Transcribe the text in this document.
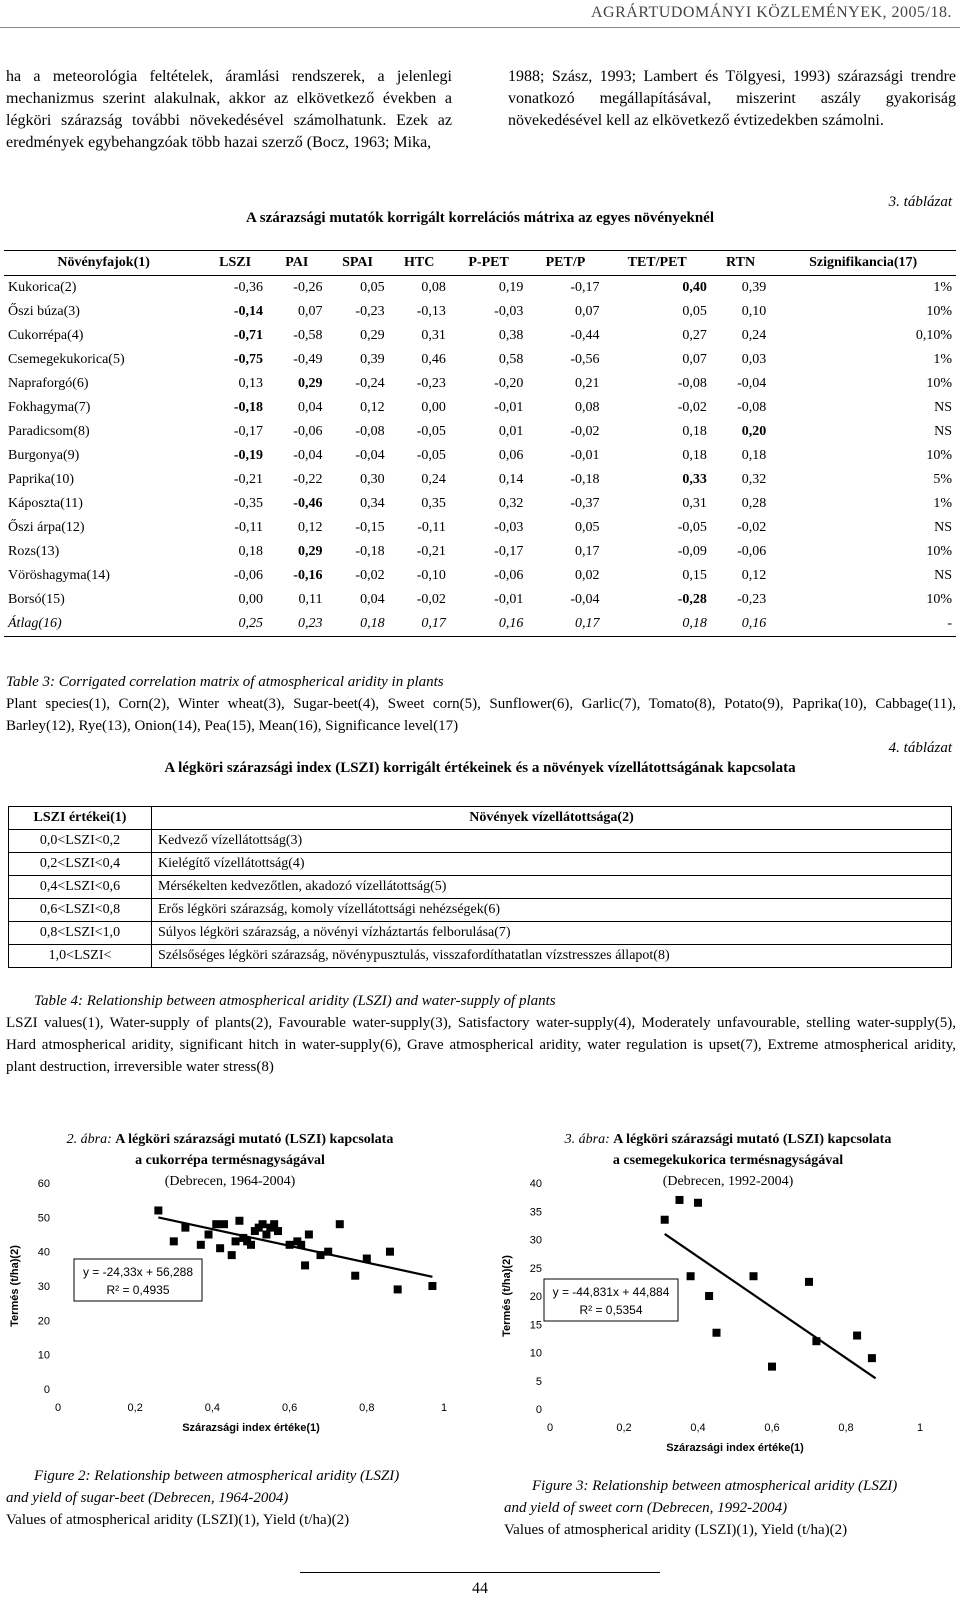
AGRÁRTUDOMÁNYI KÖZLEMÉNYEK, 2005/18.
ha a meteorológia feltételek, áramlási rendszerek, a jelenlegi mechanizmus szerint alakulnak, akkor az elkövetkező években a légköri szárazság további növekedésével számolhatunk. Ezek az eredmények egybehangzóak több hazai szerző (Bocz, 1963; Mika,
1988; Szász, 1993; Lambert és Tölgyesi, 1993) szárazsági trendre vonatkozó megállapításával, miszerint aszály gyakoriság növekedésével kell az elkövetkező évtizedekben számolni.
3. táblázat
A szárazsági mutatók korrigált korrelációs mátrixa az egyes növényeknél
Növényfajok(1)	LSZI	PAI	SPAI	HTC	P-PET	PET/P	TET/PET	RTN	Szignifikancia(17)
Kukorica(2)	-0,36	-0,26	0,05	0,08	0,19	-0,17	0,40	0,39	1%
Őszi búza(3)	-0,14	0,07	-0,23	-0,13	-0,03	0,07	0,05	0,10	10%
Cukorrépa(4)	-0,71	-0,58	0,29	0,31	0,38	-0,44	0,27	0,24	0,10%
Csemegekukorica(5)	-0,75	-0,49	0,39	0,46	0,58	-0,56	0,07	0,03	1%
Napraforgó(6)	0,13	0,29	-0,24	-0,23	-0,20	0,21	-0,08	-0,04	10%
Fokhagyma(7)	-0,18	0,04	0,12	0,00	-0,01	0,08	-0,02	-0,08	NS
Paradicsom(8)	-0,17	-0,06	-0,08	-0,05	0,01	-0,02	0,18	0,20	NS
Burgonya(9)	-0,19	-0,04	-0,04	-0,05	0,06	-0,01	0,18	0,18	10%
Paprika(10)	-0,21	-0,22	0,30	0,24	0,14	-0,18	0,33	0,32	5%
Káposzta(11)	-0,35	-0,46	0,34	0,35	0,32	-0,37	0,31	0,28	1%
Őszi árpa(12)	-0,11	0,12	-0,15	-0,11	-0,03	0,05	-0,05	-0,02	NS
Rozs(13)	0,18	0,29	-0,18	-0,21	-0,17	0,17	-0,09	-0,06	10%
Vöröshagyma(14)	-0,06	-0,16	-0,02	-0,10	-0,06	0,02	0,15	0,12	NS
Borsó(15)	0,00	0,11	0,04	-0,02	-0,01	-0,04	-0,28	-0,23	10%
Átlag(16)	0,25	0,23	0,18	0,17	0,16	0,17	0,18	0,16	-
Table 3: Corrigated correlation matrix of atmospherical aridity in plants
Plant species(1), Corn(2), Winter wheat(3), Sugar-beet(4), Sweet corn(5), Sunflower(6), Garlic(7), Tomato(8), Potato(9), Paprika(10), Cabbage(11), Barley(12), Rye(13), Onion(14), Pea(15), Mean(16), Significance level(17)
4. táblázat
A légköri szárazsági index (LSZI) korrigált értékeinek és a növények vízellátottságának kapcsolata
LSZI értékei(1)	Növények vízellátottsága(2)
0,0<LSZI<0,2	Kedvező vízellátottság(3)
0,2<LSZI<0,4	Kielégítő vízellátottság(4)
0,4<LSZI<0,6	Mérsékelten kedvezőtlen, akadozó vízellátottság(5)
0,6<LSZI<0,8	Erős légköri szárazság, komoly vízellátottsági nehézségek(6)
0,8<LSZI<1,0	Súlyos légköri szárazság, a növényi vízháztartás felborulása(7)
1,0<LSZI<	Szélsőséges légköri szárazság, növénypusztulás, visszafordíthatatlan vízstresszes állapot(8)
Table 4: Relationship between atmospherical aridity (LSZI) and water-supply of plants
LSZI values(1), Water-supply of plants(2), Favourable water-supply(3), Satisfactory water-supply(4), Moderately unfavourable, stelling water-supply(5), Hard atmospherical aridity, significant hitch in water-supply(6), Grave atmospherical aridity, water regulation is upset(7), Extreme atmospherical aridity, plant destruction, irreversible water stress(8)
2. ábra: A légköri szárazsági mutató (LSZI) kapcsolata
a cukorrépa termésnagyságával
(Debrecen, 1964-2004)
3. ábra: A légköri szárazsági mutató (LSZI) kapcsolata
a csemegekukorica termésnagyságával
(Debrecen, 1992-2004)
0
10
20
30
40
50
60
0	0,2	0,4	0,6	0,8	1
Szárazsági index értéke(1)
Termés (t/ha)(2)	y = -24,33x + 56,288
R² = 0,4935
0
5
10
15
20
25
30
35
40
0	0,2	0,4	0,6	0,8	1
Szárazsági index értéke(1)
Termés (t/ha)(2)	y = -44,831x + 44,884
R² = 0,5354
Figure 2: Relationship between atmospherical aridity (LSZI)
and yield of sugar-beet (Debrecen, 1964-2004)
Values of atmospherical aridity (LSZI)(1), Yield (t/ha)(2)
Figure 3: Relationship between atmospherical aridity (LSZI)
and yield of sweet corn (Debrecen, 1992-2004)
Values of atmospherical aridity (LSZI)(1), Yield (t/ha)(2)
44
